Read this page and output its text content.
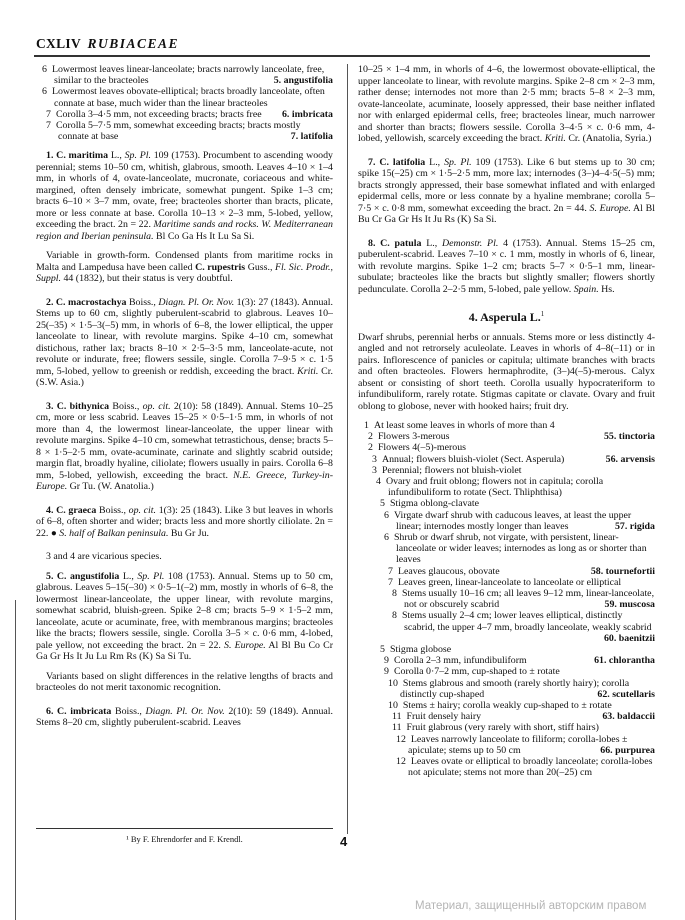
CXLIV RUBIACEAE
6 Lowermost leaves linear-lanceolate; bracts narrowly lanceolate, free, similar to the bracteoles	5. angustifolia
6 Lowermost leaves obovate-elliptical; bracts broadly lanceolate, often connate at base, much wider than the linear bracteoles
7 Corolla 3–4·5 mm, not exceeding bracts; bracts free	6. imbricata
7 Corolla 5–7·5 mm, somewhat exceeding bracts; bracts mostly connate at base	7. latifolia

1. C. maritima L., Sp. Pl. 109 (1753). Procumbent to ascending woody perennial; stems 10–50 cm, whitish, glabrous, smooth. Leaves 4–10 × 1–4 mm, in whorls of 4, ovate-lanceolate, mucronate, coriaceous and white-margined, often densely imbricate, somewhat pungent. Spike 1–3 cm; bracts 6–10 × 3–7 mm, ovate, free; bracteoles shorter than bracts, plicate, more or less connate at base. Corolla 10–13 × 2–3 mm, 5-lobed, yellow, exceeding the bract. 2n = 22. Maritime sands and rocks. W. Mediterranean region and Iberian peninsula. Bl Co Ga Hs It Lu Sa Si.

Variable in growth-form. Condensed plants from maritime rocks in Malta and Lampedusa have been called C. rupestris Guss., Fl. Sic. Prodr., Suppl. 44 (1832), but their status is very doubtful.

2. C. macrostachya Boiss., Diagn. Pl. Or. Nov. 1(3): 27 (1843). Annual. Stems up to 60 cm, slightly puberulent-scabrid to glabrous. Leaves 10–25(–35) × 1·5–3(–5) mm, in whorls of 6–8, the lower elliptical, the upper lanceolate to linear, with revolute margins. Spike 4–10 cm, somewhat distichous, rather lax; bracts 8–10 × 2·5–3·5 mm, lanceolate-acute, not revolute or indurate, free; flowers sessile, single. Corolla 7–9·5 × c. 1·5 mm, 5-lobed, yellow to greenish or reddish, exceeding the bract. Kriti. Cr. (S.W. Asia.)

3. C. bithynica Boiss., op. cit. 2(10): 58 (1849). Annual. Stems 10–25 cm, more or less scabrid. Leaves 15–25 × 0·5–1·5 mm, in whorls of not more than 4, the lowermost linear-lanceolate, the upper linear with revolute margins. Spike 4–10 cm, somewhat tetrastichous, dense; bracts 5–8 × 1·5–2·5 mm, ovate-acuminate, carinate and slightly scabrid outside; margin flat, broadly hyaline, ciliolate; flowers usually in pairs. Corolla 6–8 mm, 5-lobed, yellowish, exceeding the bract. N.E. Greece, Turkey-in-Europe. Gr Tu. (W. Anatolia.)

4. C. graeca Boiss., op. cit. 1(3): 25 (1843). Like 3 but leaves in whorls of 6–8, often shorter and wider; bracts less and more shortly ciliolate. 2n = 22. ● S. half of Balkan peninsula. Bu Gr Ju.

3 and 4 are vicarious species.

5. C. angustifolia L., Sp. Pl. 108 (1753). Annual. Stems up to 50 cm, glabrous. Leaves 5–15(–30) × 0·5–1(–2) mm, mostly in whorls of 6–8, the lowermost linear-lanceolate, the upper linear, with revolute margins, somewhat scabrid, bluish-green. Spike 2–8 cm; bracts 5–9 × 1·5–2 mm, lanceolate, acute or acuminate, free, with membranous margins; bracteoles like the bracts; flowers sessile, single. Corolla 3–5 × c. 0·6 mm, 4-lobed, pale yellow, not exceeding the bract. 2n = 22. S. Europe. Al Bl Bu Co Cr Ga Gr Hs It Ju Lu Rm Rs (K) Sa Si Tu.

Variants based on slight differences in the relative lengths of bracts and bracteoles do not merit taxonomic recognition.

6. C. imbricata Boiss., Diagn. Pl. Or. Nov. 2(10): 59 (1849). Annual. Stems 8–20 cm, slightly puberulent-scabrid. Leaves

¹ By F. Ehrendorfer and F. Krendl.

10–25 × 1–4 mm, in whorls of 4–6, the lowermost obovate-elliptical, the upper lanceolate to linear, with revolute margins. Spike 2–8 cm × 2–3 mm, rather dense; internodes not more than 2·5 mm; bracts 5–8 × 2–3 mm, ovate-lanceolate, acuminate, loosely appressed, their base neither inflated nor with enlarged epidermal cells, free; bracteoles linear, much narrower and shorter than bracts; flowers sessile. Corolla 3–4·5 × c. 0·6 mm, 4-lobed, yellowish, scarcely exceeding the bract. Kriti. Cr. (Anatolia, Syria.)

7. C. latifolia L., Sp. Pl. 109 (1753). Like 6 but stems up to 30 cm; spike 15(–25) cm × 1·5–2·5 mm, more lax; internodes (3–)4–4·5(–5) mm; bracts strongly appressed, their base somewhat inflated and with enlarged epidermal cells, more or less connate by a hyaline membrane; corolla 5–7·5 × c. 0·8 mm, somewhat exceeding the bract. 2n = 44. S. Europe. Al Bl Bu Cr Ga Gr Hs It Ju Rs (K) Sa Si.

8. C. patula L., Demonstr. Pl. 4 (1753). Annual. Stems 15–25 cm, puberulent-scabrid. Leaves 7–10 × c. 1 mm, mostly in whorls of 6, linear, with revolute margins. Spike 1–2 cm; bracts 5–7 × 0·5–1 mm, linear-subulate; bracteoles like the bracts but slightly smaller; flowers shortly pedunculate. Corolla 2–2·5 mm, 5-lobed, pale yellow. Spain. Hs.

4. Asperula L.$^1$

Dwarf shrubs, perennial herbs or annuals. Stems more or less distinctly 4-angled and not retrorsely aculeolate. Leaves in whorls of 4–8(–11) or in pairs. Inflorescence of panicles or capitula; ultimate branches with bracts and often bracteoles. Flowers hermaphrodite, (3–)4(–5)-merous. Calyx absent or consisting of short teeth. Corolla usually hypocrateriform to infundibuliform, rarely rotate. Stigmas capitate or clavate. Ovary and fruit oblong to globose, never with hooked hairs; fruit dry.

1 At least some leaves in whorls of more than 4
2 Flowers 3-merous	55. tinctoria
2 Flowers 4(–5)-merous
3 Annual; flowers bluish-violet (Sect. Asperula)	56. arvensis
3 Perennial; flowers not bluish-violet
4 Ovary and fruit oblong; flowers not in capitula; corolla infundibuliform to rotate (Sect. Thliphthisa)
5 Stigma oblong-clavate
6 Virgate dwarf shrub with caducous leaves, at least the upper linear; internodes mostly longer than leaves	57. rigida
6 Shrub or dwarf shrub, not virgate, with persistent, linear-lanceolate or wider leaves; internodes as long as or shorter than leaves
7 Leaves glaucous, obovate	58. tournefortii
7 Leaves green, linear-lanceolate to lanceolate or elliptical
8 Stems usually 10–16 cm; all leaves 9–12 mm, linear-lanceolate, not or obscurely scabrid	59. muscosa
8 Stems usually 2–4 cm; lower leaves elliptical, distinctly scabrid, the upper 4–7 mm, broadly lanceolate, weakly scabrid
60. baenitzii
5 Stigma globose
9 Corolla 2–3 mm, infundibuliform	61. chlorantha
9 Corolla 0·7–2 mm, cup-shaped to ± rotate
10 Stems glabrous and smooth (rarely shortly hairy); corolla distinctly cup-shaped	62. scutellaris
10 Stems ± hairy; corolla weakly cup-shaped to ± rotate
11 Fruit densely hairy	63. baldaccii
11 Fruit glabrous (very rarely with short, stiff hairs)
12 Leaves narrowly lanceolate to filiform; corolla-lobes ± apiculate; stems up to 50 cm	66. purpurea
12 Leaves ovate or elliptical to broadly lanceolate; corolla-lobes not apiculate; stems not more than 20(–25) cm
4
Материал, защищенный авторским правом
